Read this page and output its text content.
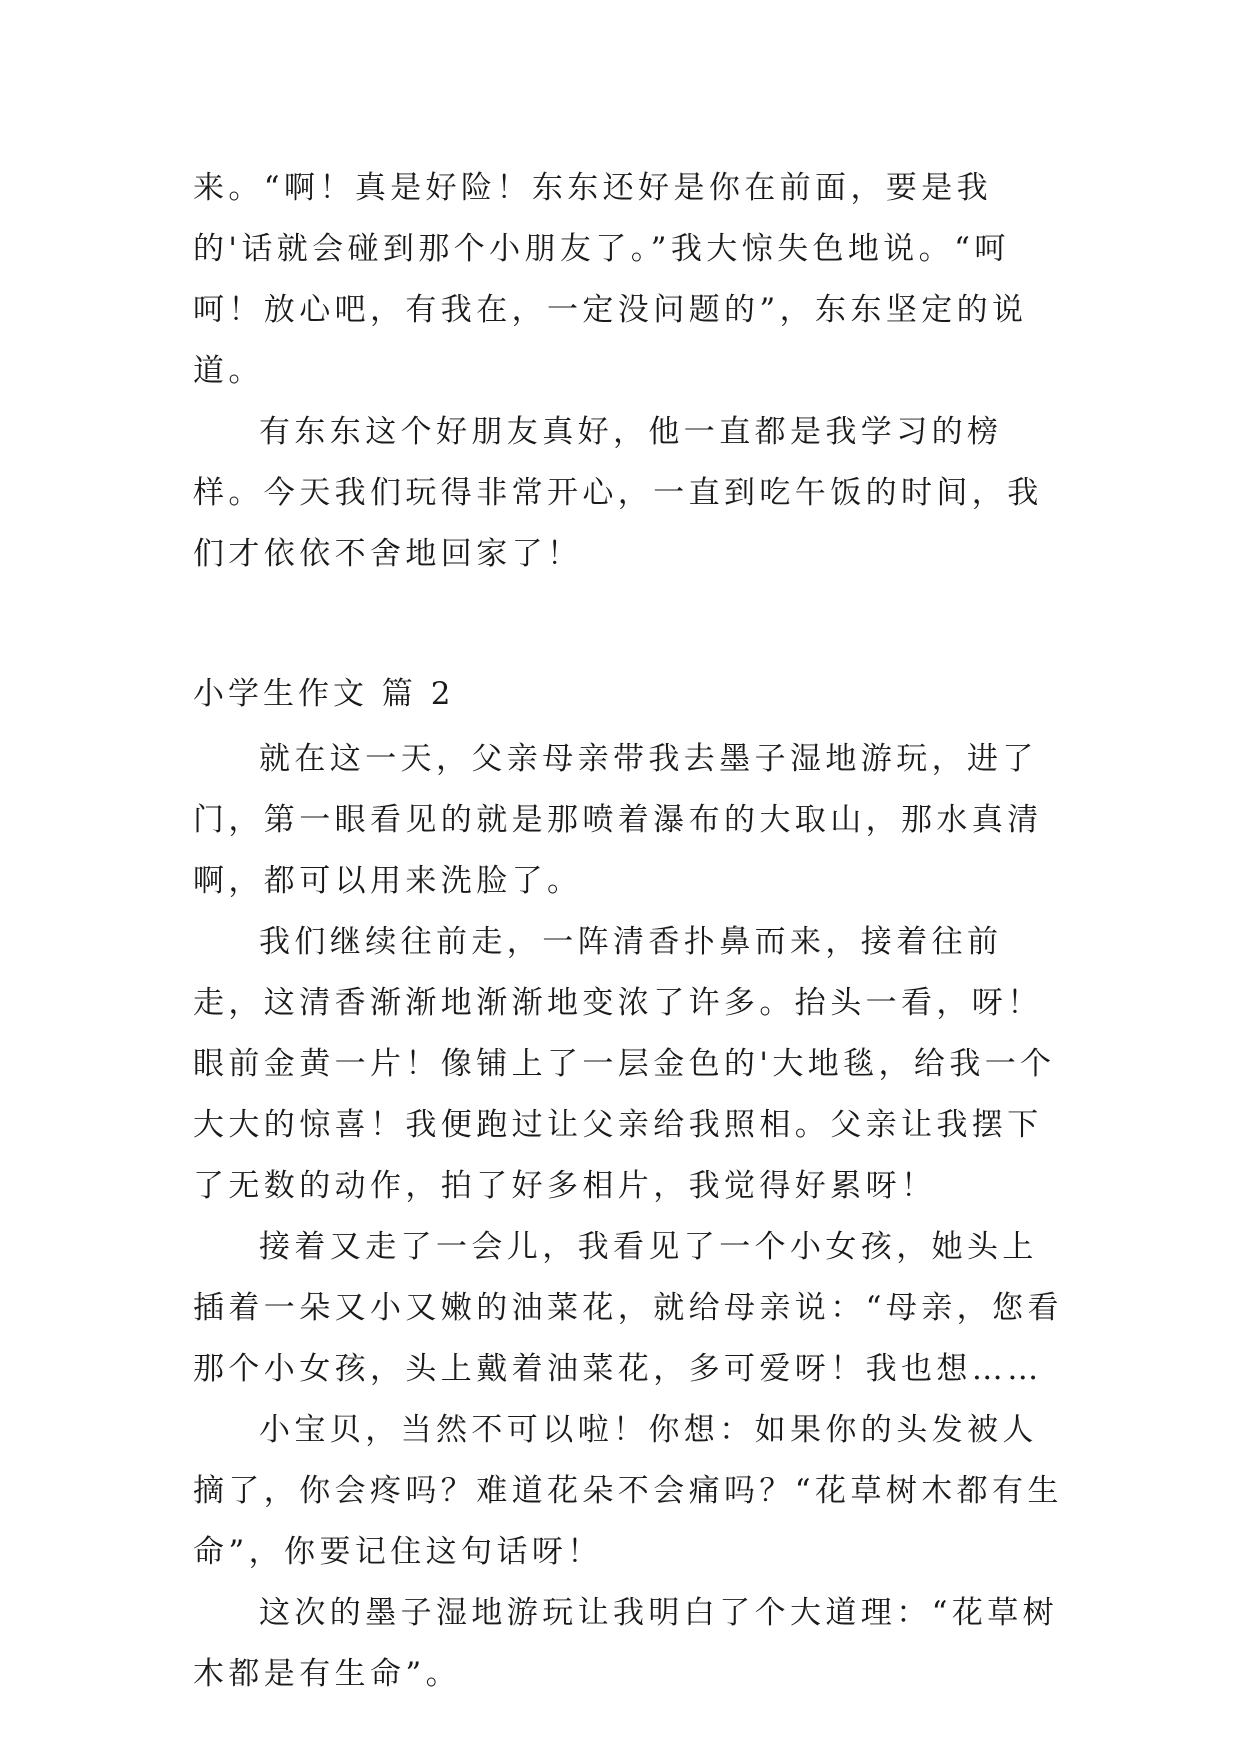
来。“啊！真是好险！东东还好是你在前面，要是我的'话就会碰到那个小朋友了。”我大惊失色地说。“呵呵！放心吧，有我在，一定没问题的”，东东坚定的说道。

有东东这个好朋友真好，他一直都是我学习的榜样。今天我们玩得非常开心，一直到吃午饭的时间，我们才依依不舍地回家了！

小学生作文 篇 2

就在这一天，父亲母亲带我去墨子湿地游玩，进了门，第一眼看见的就是那喷着瀑布的大取山，那水真清啊，都可以用来洗脸了。

我们继续往前走，一阵清香扑鼻而来，接着往前走，这清香渐渐地渐渐地变浓了许多。抬头一看，呀！眼前金黄一片！像铺上了一层金色的'大地毯，给我一个大大的惊喜！我便跑过让父亲给我照相。父亲让我摆下了无数的动作，拍了好多相片，我觉得好累呀！

接着又走了一会儿，我看见了一个小女孩，她头上插着一朵又小又嫩的油菜花，就给母亲说：“母亲，您看那个小女孩，头上戴着油菜花，多可爱呀！我也想……

小宝贝，当然不可以啦！你想：如果你的头发被人摘了，你会疼吗？难道花朵不会痛吗？“花草树木都有生命”，你要记住这句话呀！

这次的墨子湿地游玩让我明白了个大道理：“花草树木都是有生命”。
